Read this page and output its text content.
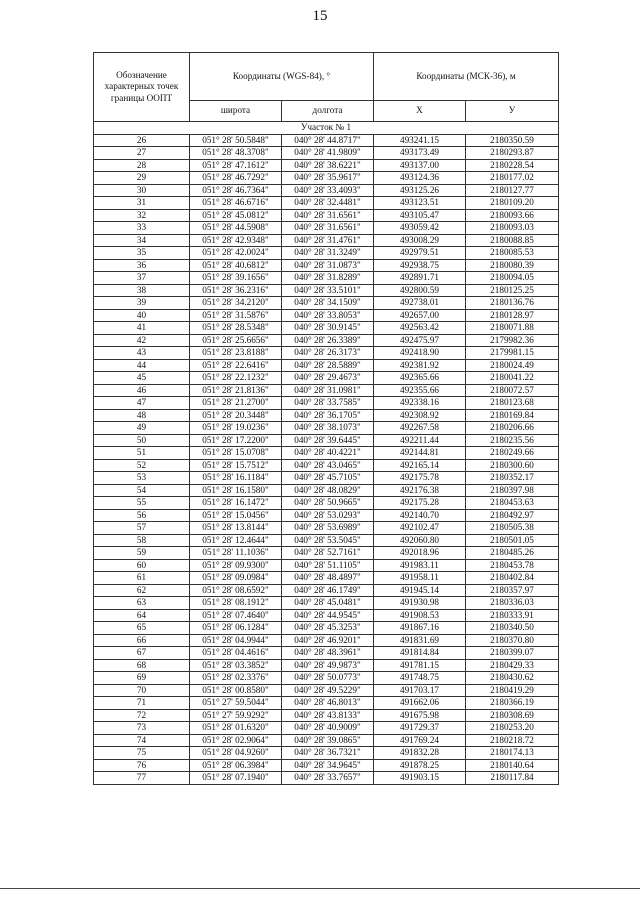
15
Обозначение характерных точек границы ООПТ	Координаты (WGS-84), °		Координаты (МСК-36), м	
	широта	долгота	X	У
Участок № 1				
26	051° 28' 50.5848"	040° 28' 44.8717"	493241.15	2180350.59
27	051° 28' 48.3708"	040° 28' 41.9809"	493173.49	2180293.87
28	051° 28' 47.1612"	040° 28' 38.6221"	493137.00	2180228.54
29	051° 28' 46.7292"	040° 28' 35.9617"	493124.36	2180177.02
30	051° 28' 46.7364"	040° 28' 33.4093"	493125.26	2180127.77
31	051° 28' 46.6716"	040° 28' 32.4481"	493123.51	2180109.20
32	051° 28' 45.0812"	040° 28' 31.6561"	493105.47	2180093.66
33	051° 28' 44.5908"	040° 28' 31.6561"	493059.42	2180093.03
34	051° 28' 42.9348"	040° 28' 31.4761"	493008.29	2180088.85
35	051° 28' 42.0024"	040° 28' 31.3249"	492979.51	2180085.53
36	051° 28' 40.6812"	040° 28' 31.0873"	492938.75	2180080.39
37	051° 28' 39.1656"	040° 28' 31.8289"	492891.71	2180094.05
38	051° 28' 36.2316"	040° 28' 33.5101"	492800.59	2180125.25
39	051° 28' 34.2120"	040° 28' 34.1509"	492738.01	2180136.76
40	051° 28' 31.5876"	040° 28' 33.8053"	492657.00	2180128.97
41	051° 28' 28.5348"	040° 28' 30.9145"	492563.42	2180071.88
42	051° 28' 25.6656"	040° 28' 26.3389"	492475.97	2179982.36
43	051° 28' 23.8188"	040° 28' 26.3173"	492418.90	2179981.15
44	051° 28' 22.6416"	040° 28' 28.5889"	492381.92	2180024.49
45	051° 28' 22.1232"	040° 28' 29.4673"	492365.66	2180041.22
46	051° 28' 21.8136"	040° 28' 31.0981"	492355.66	2180072.57
47	051° 28' 21.2700"	040° 28' 33.7585"	492338.16	2180123.68
48	051° 28' 20.3448"	040° 28' 36.1705"	492308.92	2180169.84
49	051° 28' 19.0236"	040° 28' 38.1073"	492267.58	2180206.66
50	051° 28' 17.2200"	040° 28' 39.6445"	492211.44	2180235.56
51	051° 28' 15.0708"	040° 28' 40.4221"	492144.81	2180249.66
52	051° 28' 15.7512"	040° 28' 43.0465"	492165.14	2180300.60
53	051° 28' 16.1184"	040° 28' 45.7105"	492175.78	2180352.17
54	051° 28' 16.1580"	040° 28' 48.0829"	492176.38	2180397.98
55	051° 28' 16.1472"	040° 28' 50.9665"	492175.28	2180453.63
56	051° 28' 15.0456"	040° 28' 53.0293"	492140.70	2180492.97
57	051° 28' 13.8144"	040° 28' 53.6989"	492102.47	2180505.38
58	051° 28' 12.4644"	040° 28' 53.5045"	492060.80	2180501.05
59	051° 28' 11.1036"	040° 28' 52.7161"	492018.96	2180485.26
60	051° 28' 09.9300"	040° 28' 51.1105"	491983.11	2180453.78
61	051° 28' 09.0984"	040° 28' 48.4897"	491958.11	2180402.84
62	051° 28' 08.6592"	040° 28' 46.1749"	491945.14	2180357.97
63	051° 28' 08.1912"	040° 28' 45.0481"	491930.98	2180336.03
64	051° 28' 07.4640"	040° 28' 44.9545"	491908.53	2180333.91
65	051° 28' 06.1284"	040° 28' 45.3253"	491867.16	2180340.50
66	051° 28' 04.9944"	040° 28' 46.9201"	491831.69	2180370.80
67	051° 28' 04.4616"	040° 28' 48.3961"	491814.84	2180399.07
68	051° 28' 03.3852"	040° 28' 49.9873"	491781.15	2180429.33
69	051° 28' 02.3376"	040° 28' 50.0773"	491748.75	2180430.62
70	051° 28' 00.8580"	040° 28' 49.5229"	491703.17	2180419.29
71	051° 27' 59.5044"	040° 28' 46.8013"	491662.06	2180366.19
72	051° 27' 59.9292"	040° 28' 43.8133"	491675.98	2180308.69
73	051° 28' 01.6320"	040° 28' 40.9009"	491729.37	2180253.20
74	051° 28' 02.9064"	040° 28' 39.0865"	491769.24	2180218.72
75	051° 28' 04.9260"	040° 28' 36.7321"	491832.28	2180174.13
76	051° 28' 06.3984"	040° 28' 34.9645"	491878.25	2180140.64
77	051° 28' 07.1940"	040° 28' 33.7657"	491903.15	2180117.84
